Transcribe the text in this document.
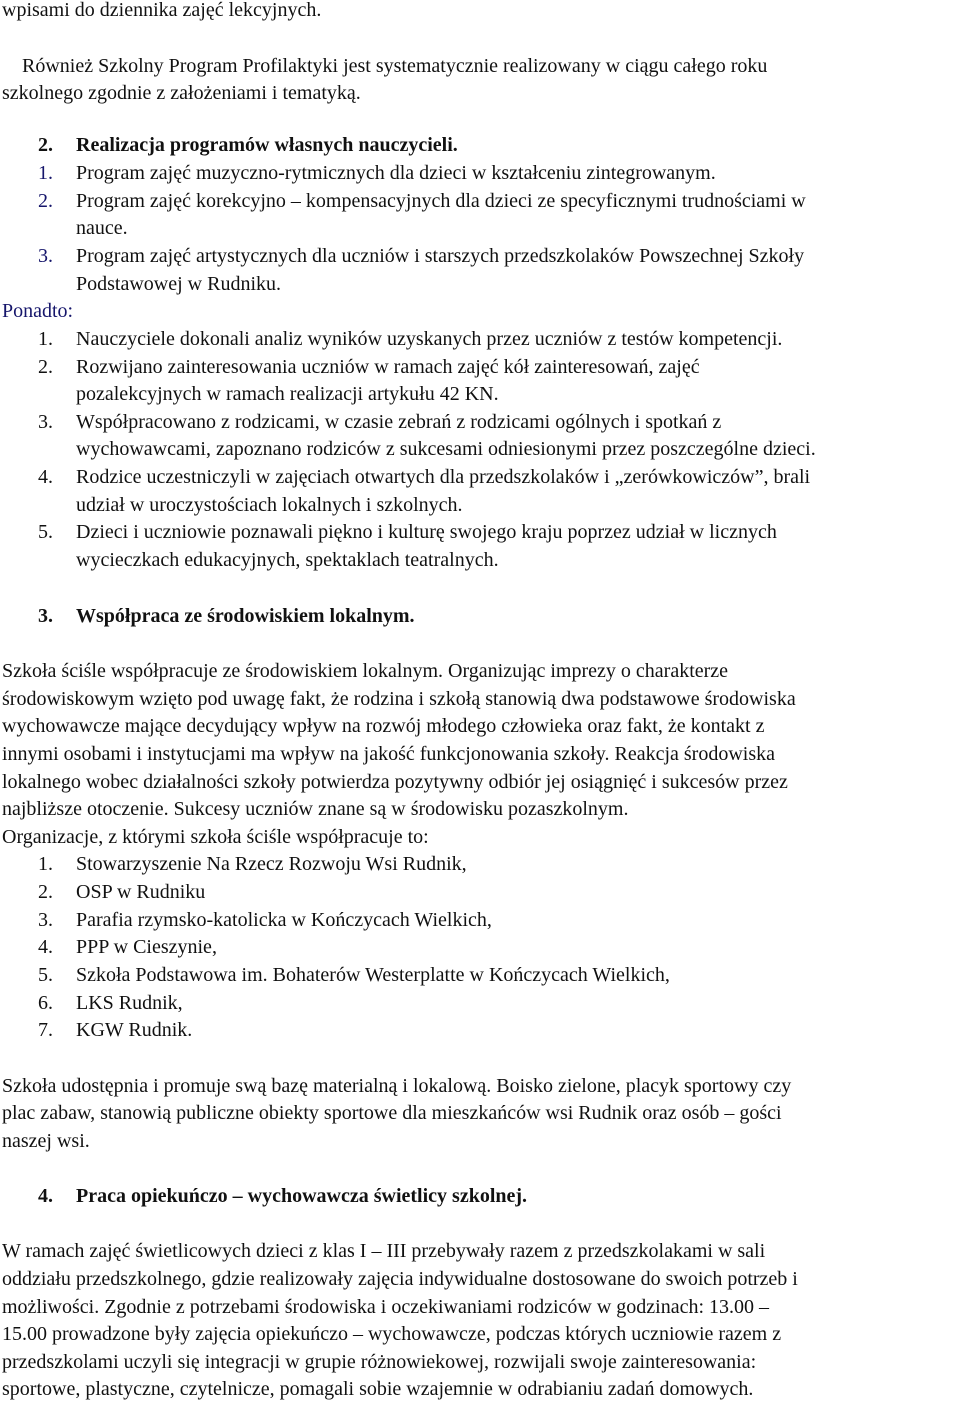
wpisami do dziennika zajęć lekcyjnych.
Również Szkolny Program Profilaktyki jest systematycznie realizowany w ciągu całego roku
szkolnego zgodnie z założeniami i tematyką.
2. Realizacja programów własnych nauczycieli.
1. Program zajęć muzyczno-rytmicznych dla dzieci w kształceniu zintegrowanym.
2. Program zajęć korekcyjno – kompensacyjnych dla dzieci ze specyficznymi trudnościami w
nauce.
3. Program zajęć artystycznych dla uczniów i starszych przedszkolaków Powszechnej Szkoły
Podstawowej w Rudniku.
Ponadto:
1. Nauczyciele dokonali analiz wyników uzyskanych przez uczniów z testów kompetencji.
2. Rozwijano zainteresowania uczniów w ramach zajęć kół zainteresowań, zajęć
pozalekcyjnych w ramach realizacji artykułu 42 KN.
3. Współpracowano z rodzicami, w czasie zebrań z rodzicami ogólnych i spotkań z
wychowawcami, zapoznano rodziców z sukcesami odniesionymi przez poszczególne dzieci.
4. Rodzice uczestniczyli w zajęciach otwartych dla przedszkolaków i „zerówkowiczów”, brali
udział w uroczystościach lokalnych i szkolnych.
5. Dzieci i uczniowie poznawali piękno i kulturę swojego kraju poprzez udział w licznych
wycieczkach edukacyjnych, spektaklach teatralnych.
3. Współpraca ze środowiskiem lokalnym.
Szkoła ściśle współpracuje ze środowiskiem lokalnym. Organizując imprezy o charakterze
środowiskowym wzięto pod uwagę fakt, że rodzina i szkołą stanowią dwa podstawowe środowiska
wychowawcze mające decydujący wpływ na rozwój młodego człowieka oraz fakt, że kontakt z
innymi osobami i instytucjami ma wpływ na jakość funkcjonowania szkoły. Reakcja środowiska
lokalnego wobec działalności szkoły potwierdza pozytywny odbiór jej osiągnięć i sukcesów przez
najbliższe otoczenie. Sukcesy uczniów znane są w środowisku pozaszkolnym.
Organizacje, z którymi szkoła ściśle współpracuje to:
1. Stowarzyszenie Na Rzecz Rozwoju Wsi Rudnik,
2. OSP w Rudniku
3. Parafia rzymsko-katolicka w Kończycach Wielkich,
4. PPP w Cieszynie,
5. Szkoła Podstawowa im. Bohaterów Westerplatte w Kończycach Wielkich,
6. LKS Rudnik,
7. KGW Rudnik.
Szkoła udostępnia i promuje swą bazę materialną i lokalową. Boisko zielone, placyk sportowy czy
plac zabaw, stanowią publiczne obiekty sportowe dla mieszkańców wsi Rudnik oraz osób – gości
naszej wsi.
4. Praca opiekuńczo – wychowawcza świetlicy szkolnej.
W ramach zajęć świetlicowych dzieci z klas I – III przebywały razem z przedszkolakami w sali
oddziału przedszkolnego, gdzie realizowały zajęcia indywidualne dostosowane do swoich potrzeb i
możliwości. Zgodnie z potrzebami środowiska i oczekiwaniami rodziców w godzinach: 13.00 –
15.00 prowadzone były zajęcia opiekuńczo – wychowawcze, podczas których uczniowie razem z
przedszkolami uczyli się integracji w grupie różnowiekowej, rozwijali swoje zainteresowania:
sportowe, plastyczne, czytelnicze, pomagali sobie wzajemnie w odrabianiu zadań domowych.
